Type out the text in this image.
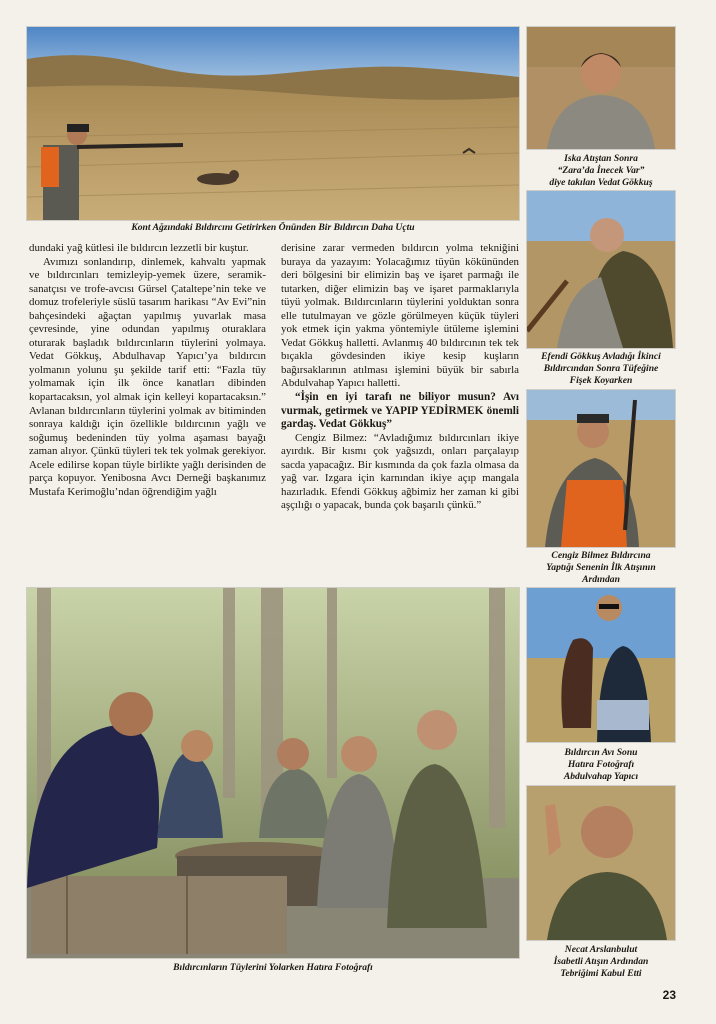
Kont Ağzındaki Bıldırcını Getirirken Önünden Bir Bıldırcın Daha Uçtu

dundaki yağ kütlesi ile bıldırcın lezzetli bir kuştur.

Avımızı sonlandırıp, dinlemek, kahvaltı yapmak ve bıldırcınları temizleyip-yemek üzere, seramik-sanatçısı ve trofe-avcısı Gürsel Çataltepe’nin teke ve domuz trofeleriyle süslü tasarım harikası “Av Evi”nin bahçesindeki ağaçtan yapılmış yuvarlak masa çevresinde, yine odundan yapılmış oturaklara oturarak başladık bıldırcınların tüylerini yolmaya. Vedat Gökkuş, Abdulhavap Yapıcı’ya bıldırcın yolmanın yolunu şu şekilde tarif etti: “Fazla tüy yolmamak için ilk önce kanatları dibinden kopartacaksın, yol almak için kelleyi kopartacaksın.” Avlanan bıldırcınların tüylerini yolmak av bitiminden sonraya kaldığı için özellikle bıldırcının yağlı ve soğumuş bedeninden tüy yolma aşaması bayağı zaman alıyor. Çünkü tüyleri tek tek yolmak gerekiyor. Acele edilirse kopan tüyle birlikte yağlı derisinden de parça kopuyor. Yenibosna Avcı Derneği başkanımız Mustafa Kerimoğlu’ndan öğrendiğim yağlı

derisine zarar vermeden bıldırcın yolma tekniğini buraya da yazayım: Yolacağımız tüyün kökününden deri bölgesini bir elimizin baş ve işaret parmağı ile tutarken, diğer elimizin baş ve işaret parmaklarıyla tüyü yolmak. Bıldırcınların tüylerini yolduktan sonra elle tutulmayan ve gözle görülmeyen küçük tüyleri yok etmek için yakma yöntemiyle ütüleme işlemini Vedat Gökkuş halletti. Avlanmış 40 bıldırcının tek tek bıçakla gövdesinden ikiye kesip kuşların bağırsaklarının atılması işlemini büyük bir sabırla Abdulvahap Yapıcı halletti.

“İşin en iyi tarafı ne biliyor musun? Avı vurmak, getirmek ve YAPIP YEDİRMEK önemli gardaş. Vedat Gökkuş”

Cengiz Bilmez: “Avladığımız bıldırcınları ikiye ayırdık. Bir kısmı çok yağsızdı, onları parçalayıp sacda yapacağız. Bir kısmında da çok fazla olmasa da yağ var. Izgara için karnından ikiye açıp mangala hazırladık. Efendi Gökkuş ağbimiz her zaman ki gibi aşçılığı o yapacak, bunda çok başarılı çünkü.”

Iska Atıştan Sonra
“Zara’da İnecek Var”
diye takılan Vedat Gökkuş
Efendi Gökkuş Avladığı İkinci
Bıldırcından Sonra Tüfeğine
Fişek Koyarken
Cengiz Bilmez Bıldırcına
Yaptığı Senenin İlk Atışının
Ardından
Bıldırcın Avı Sonu
Hatıra Fotoğrafı
Abdulvahap Yapıcı
Necat Arslanbulut
İsabetli Atışın Ardından
Tebriğimi Kabul Etti
Bıldırcınların Tüylerini Yolarken Hatıra Fotoğrafı
23
